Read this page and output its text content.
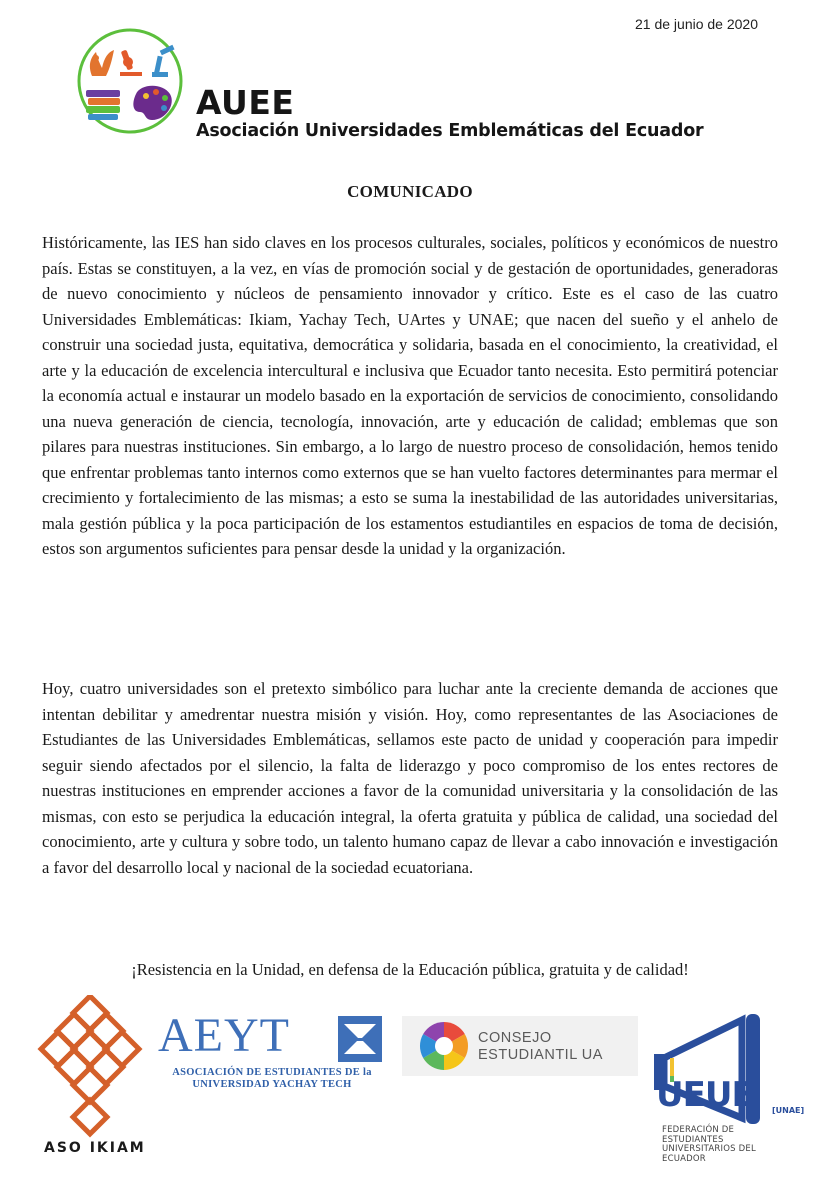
21 de junio de 2020
AUEE
Asociación Universidades Emblemáticas del Ecuador
COMUNICADO

Históricamente, las IES han sido claves en los procesos culturales, sociales, políticos y económicos de nuestro país. Estas se constituyen, a la vez, en vías de promoción social y de gestación de oportunidades, generadoras de nuevo conocimiento y núcleos de pensamiento innovador y crítico. Este es el caso de las cuatro Universidades Emblemáticas: Ikiam, Yachay Tech, UArtes y UNAE; que nacen del sueño y el anhelo de construir una sociedad justa, equitativa, democrática y solidaria, basada en el conocimiento, la creatividad, el arte y la educación de excelencia intercultural e inclusiva que Ecuador tanto necesita. Esto permitirá potenciar la economía actual e instaurar un modelo basado en la exportación de servicios de conocimiento, consolidando una nueva generación de ciencia, tecnología, innovación, arte y educación de calidad; emblemas que son pilares para nuestras instituciones. Sin embargo, a lo largo de nuestro proceso de consolidación, hemos tenido que enfrentar problemas tanto internos como externos que se han vuelto factores determinantes para mermar el crecimiento y fortalecimiento de las mismas; a esto se suma la inestabilidad de las autoridades universitarias, mala gestión pública y la poca participación de los estamentos estudiantiles en espacios de toma de decisión, estos son argumentos suficientes para pensar desde la unidad y la organización.

Hoy, cuatro universidades son el pretexto simbólico para luchar ante la creciente demanda de acciones que intentan debilitar y amedrentar nuestra misión y visión. Hoy, como representantes de las Asociaciones de Estudiantes de las Universidades Emblemáticas, sellamos este pacto de unidad y cooperación para impedir seguir siendo afectados por el silencio, la falta de liderazgo y poco compromiso de los entes rectores de nuestras instituciones en emprender acciones a favor de la comunidad universitaria y la consolidación de las mismas, con esto se perjudica la educación integral, la oferta gratuita y pública de calidad, una sociedad del conocimiento, arte y cultura y sobre todo, un talento humano capaz de llevar a cabo innovación e investigación a favor del desarrollo local y nacional de la sociedad ecuatoriana.

¡Resistencia en la Unidad, en defensa de la Educación pública, gratuita y de calidad!
ASO IKIAM
AEYT
ASOCIACIÓN DE ESTUDIANTES DE la UNIVERSIDAD YACHAY TECH
CONSEJO
ESTUDIANTIL UA
UEUE [UNAE]
FEDERACIÓN DE ESTUDIANTES UNIVERSITARIOS DEL ECUADOR
